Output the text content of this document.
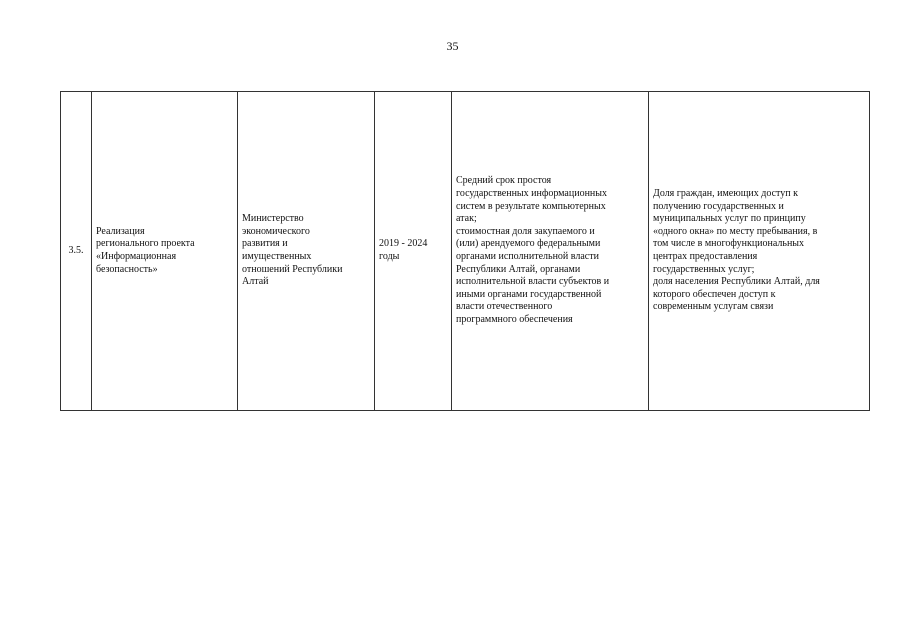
35
3.5.

Реализация
регионального проекта
«Информационная
безопасность»

Министерство
экономического
развития и
имущественных
отношений Республики
Алтай

2019 - 2024
годы

Средний срок простоя
государственных информационных
систем в результате компьютерных
атак;
стоимостная доля закупаемого и
(или) арендуемого федеральными
органами исполнительной власти
Республики Алтай, органами
исполнительной власти субъектов и
иными органами государственной
власти отечественного
программного обеспечения

Доля граждан, имеющих доступ к
получению государственных и
муниципальных услуг по принципу
«одного окна» по месту пребывания, в
том числе в многофункциональных
центрах предоставления
государственных услуг;
доля населения Республики Алтай, для
которого обеспечен доступ к
современным услугам связи
